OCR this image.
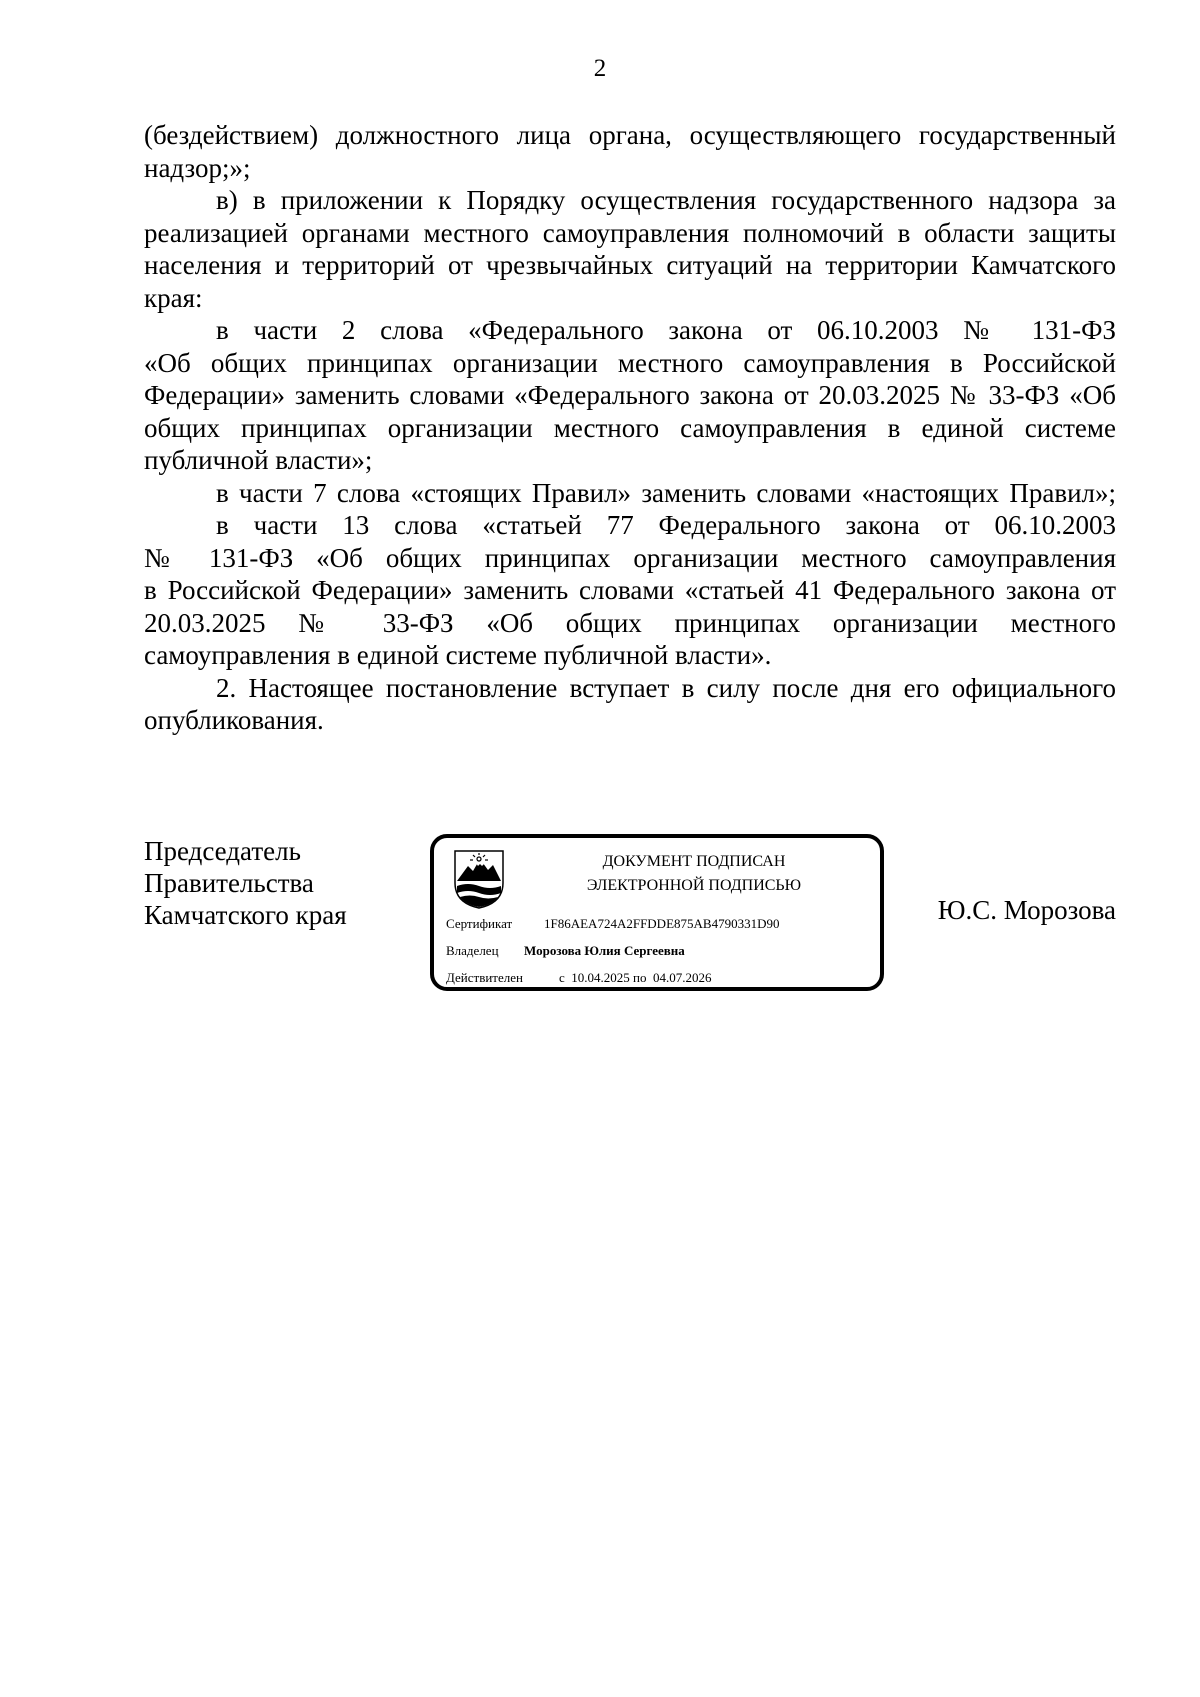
2
(бездействием) должностного лица органа, осуществляющего государственный
надзор;»;
в) в приложении к Порядку осуществления государственного надзора за
реализацией органами местного самоуправления полномочий в области защиты
населения и территорий от чрезвычайных ситуаций на территории Камчатского
края:
в части 2 слова «Федерального закона от 06.10.2003 № 131-ФЗ
«Об общих принципах организации местного самоуправления в Российской
Федерации» заменить словами «Федерального закона от 20.03.2025 № 33-ФЗ «Об
общих принципах организации местного самоуправления в единой системе
публичной власти»;
в части 7 слова «стоящих Правил» заменить словами «настоящих Правил»;
в части 13 слова «статьей 77 Федерального закона от 06.10.2003
№ 131-ФЗ «Об общих принципах организации местного самоуправления
в Российской Федерации» заменить словами «статьей 41 Федерального закона от
20.03.2025 № 33-ФЗ «Об общих принципах организации местного
самоуправления в единой системе публичной власти».
2. Настоящее постановление вступает в силу после дня его официального
опубликования.
Председатель
Правительства
Камчатского края
ДОКУМЕНТ ПОДПИСАН
ЭЛЕКТРОННОЙ ПОДПИСЬЮ
Сертификат 1F86AEA724A2FFDDE875AB4790331D90
Владелец Морозова Юлия Сергеевна
Действителен	с  10.04.2025 по  04.07.2026
Ю.С. Морозова
